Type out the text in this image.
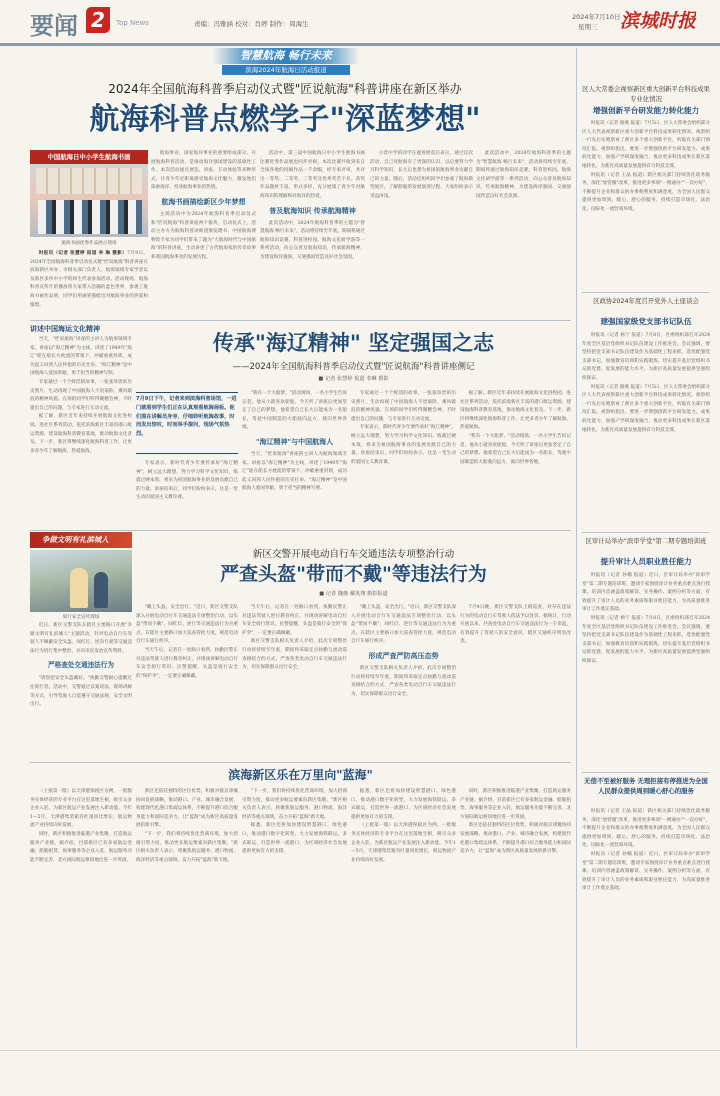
要闻 2	Top News	责编：冯雅涵 校对：肖婷 制作：周海生
2024年7月10日
星期三 滨城时报
智慧航海 畅行未来
滨海2024年航海日活动报道
2024年全国航海科普季启动仪式暨"匠说航海"科普讲座在新区举办
航海科普点燃学子"深蓝梦想"
中国航海日中小学生航海书画
航海书画优秀作品展示现场

时报讯（记者 张慧婷 报道 李 琳 摄影）7月9日，2024年全国航海科普季启动仪式暨"匠说航海"科普讲座在滨海新区举办，市相关部门负责人、航海领域专家学者以及新区多所中小学的师生代表参加活动。活动现场，航海科普宣传片的播放将大家带入浩瀚的蓝色世界，参观了航海书画作品展，同学们用画笔描绘出对航海事业的热爱和憧憬。

航海事业，国家海洋事业的重要组成部分。开展航海科普活动，是推动海洋强国建设的基础性工作。本次活动通过展览、讲座、互动体验等多种形式，让青少年近距离感受航海文化魅力，激发他们探索海洋、投身航海事业的热情。

航海书画描绘新区少年梦想

主场活动中为2024年航海科普季启动仪式和"匠说航海"科普讲座两个板块，启动仪式上，活动主办方为航海科普讲师团颁发聘书。中国航海博物馆专家为同学们带来了题为"大航海时代与中国航海"的科普讲座，生动讲述了古代航海家的传奇故事和我国航海事业的发展历程。

活动中，第三届中国航海日中小学生航海书画比赛优秀作品展也同步亮相。本次比赛共收到来自全国各地的投稿作品一千余幅，经专家评审，共评出一等奖、二等奖、三等奖及优秀奖若干名。获奖作品题材丰富、形式多样，充分展现了青少年对航海知识的理解和对海洋的热爱。

普及航海知识 传承航海精神

此次活动中，2024年航海科普季的主题为"智慧航海 畅行未来"，活动将持续至年底，期间将通过航海知识竞赛、科普进校园、航海文化研学游等一系列活动，向公众普及航海知识，传承航海精神，为建设海洋强国、交通强国营造良好社会氛围。

小营中学的同学在观看展览后表示，通过这次活动，自己对航海有了更深的认识，以后要努力学习科学知识，长大后也想为祖国的航海事业贡献自己的力量。随后，活动还组织同学们参观了航海模型展区，了解船舶的发展演变过程，大家纷纷表示受益匪浅。

此次活动中，2024年航海科普季的主题为"智慧航海 畅行未来"，活动将持续至年底，期间将通过航海知识竞赛、科普进校园、航海文化研学游等一系列活动，向公众普及航海知识，传承航海精神，为建设海洋强国、交通强国营造良好社会氛围。

讲述中国海运文化精神

当天，"匠说航海"讲座的主讲人为航海领域专家。讲座以"海辽精神"为主线，讲述了1949年"海辽"轮在船长方枕流的带领下，冲破重重封锁，成功起义回到人民怀抱的历史壮举。"海辽精神"是中国航海人爱国奉献、勇于担当的精神写照。

专家通过一个个鲜活的故事、一张张珍贵的历史照片，生动再现了中国航海人不畏艰险、乘风破浪的精神风貌。在场的同学们听得聚精会神，不时提出自己的问题，与专家进行互动交流。

据了解，新区近年来持续开展航海文化进校园、进社区系列活动，依托滨海新区丰富的港口航运资源，建设航海科普教育基地，推动航海文化普及。下一步，新区将继续深化航海科普工作，让更多青少年了解航海、热爱航海。

传承"海辽精神" 坚定强国之志
——2024年全国航海科普季启动仪式暨"匠说航海"科普讲座侧记
■ 记者 张慧婷 报道 李琳 摄影
7月9日下午，记者来到滨海科普场馆，一进门就看到学生们正在认真观看航海展板。他们围在讲解员身旁，仔细聆听航海故事，时而发出惊叹，时而举手提问，现场气氛热烈。

专家表示，新时代青少年要传承好"海辽精神"，树立远大理想，努力学习科学文化知识，练就过硬本领，将来为祖国航海事业的发展贡献自己的力量。讲座结束后，同学们纷纷表示，这是一堂生动的爱国主义教育课。

"我有一个大船梦。"活动现场，一名小学生告诉记者，他从小就喜欢轮船，今天听了讲座后更加坚定了自己的梦想。他希望自己长大后能成为一名船长，驾驶中国制造的大船驶向远方，驶向世界各地。

"海辽精神"与中国航海人

当天，"匠说航海"讲座的主讲人为航海领域专家。讲座以"海辽精神"为主线，讲述了1949年"海辽"轮在船长方枕流的带领下，冲破重重封锁，成功起义回到人民怀抱的历史壮举。"海辽精神"是中国航海人爱国奉献、勇于担当的精神写照。

专家通过一个个鲜活的故事、一张张珍贵的历史照片，生动再现了中国航海人不畏艰险、乘风破浪的精神风貌。在场的同学们听得聚精会神，不时提出自己的问题，与专家进行互动交流。

专家表示，新时代青少年要传承好"海辽精神"，树立远大理想，努力学习科学文化知识，练就过硬本领，将来为祖国航海事业的发展贡献自己的力量。讲座结束后，同学们纷纷表示，这是一堂生动的爱国主义教育课。

据了解，新区近年来持续开展航海文化进校园、进社区系列活动，依托滨海新区丰富的港口航运资源，建设航海科普教育基地，推动航海文化普及。下一步，新区将继续深化航海科普工作，让更多青少年了解航海、热爱航海。

"我有一个大船梦。"活动现场，一名小学生告诉记者，他从小就喜欢轮船，今天听了讲座后更加坚定了自己的梦想。他希望自己长大后能成为一名船长，驾驶中国制造的大船驶向远方，驶向世界各地。

争做文明有礼滨城人
骑行安全宣传现场

近日，新区交警支队在辖区主要路口开展"争做文明有礼滨城人"主题活动，针对电动自行车驾驶人不佩戴安全头盔、闯红灯、逆向行驶等交通违法行为进行集中整治，并向市民发放宣传资料。

严格查处交通违法行为

"请您把安全头盔戴好。"执勤交警耐心提醒过往骑行者。活动中，交警通过以案说法、现场讲解等方式，引导驾驶人自觉遵守交通法规，安全文明出行。

新区交警开展电动自行车交通违法专项整治行动
严查头盔"带而不戴"等违法行为
■ 记者 魏薇 戴英翔 摄影报道

"戴上头盔，安全出行。"近日，新区交警支队深入开展电动自行车交通违法专项整治行动，以头盔"带而不戴"、闯红灯、逆行等交通违法行为为重点，在辖区主要路口加大巡查管控力度，规范电动自行车通行秩序。

当天午后，记者在一处路口看到，执勤民警正对违法驾驶人进行教育纠正，并现场讲解电动自行车安全骑行常识。民警提醒，头盔是骑行安全的"保护伞"，一定要正确佩戴。

当天午后，记者在一处路口看到，执勤民警正对违法驾驶人进行教育纠正，并现场讲解电动自行车安全骑行常识。民警提醒，头盔是骑行安全的"保护伞"，一定要正确佩戴。

新区交警支队相关负责人介绍，此次专项整治行动将持续至年底，期间将采取定点执勤与流动巡查相结合的方式，严查各类电动自行车交通违法行为，切实保障群众出行安全。

"戴上头盔，安全出行。"近日，新区交警支队深入开展电动自行车交通违法专项整治行动，以头盔"带而不戴"、闯红灯、逆行等交通违法行为为重点，在辖区主要路口加大巡查管控力度，规范电动自行车通行秩序。

形成严查严防高压态势

新区交警支队相关负责人介绍，此次专项整治行动将持续至年底，期间将采取定点执勤与流动巡查相结合的方式，严查各类电动自行车交通违法行为，切实保障群众出行安全。

7月4日晚，新区交警支队上路巡查，对存在违法行为的电动自行车驾驶人依法予以处罚。据统计，行动开展以来，共查处电动自行车交通违法行为一千余起，有效提升了驾驶人的安全意识，辖区交通秩序明显改善。

滨海新区乐在万里向"蓝海"

（上接第一版）以天津港保税区为例，一批服务实体经济的专业平台在这里落地生根，吸引众多企业入驻，为新区航运产业发展注入新动能。今年1—5月，天津港集装箱吞吐量同比增长，航运物流产业持续向好发展。

同时，新区积极推进临港产业集聚，打造航运服务产业链。据介绍，目前新区已有多家航运金融、船舶租赁、海事服务等企业入驻，航运服务功能不断完善，北方国际航运枢纽地位进一步巩固。

新区还依托独特的区位优势，积极对接京津冀协同发展战略，推动港口、产业、城市融合发展，构建现代化港口集疏运体系，不断提升港口综合服务能力和国际竞争力，让"蓝海"成为新区高质量发展的新引擎。

"下一步，我们将持续优化营商环境，加大招商引资力度，推动更多航运要素向新区集聚。"新区相关负责人表示，将聚焦航运服务、港口物流、海洋经济等重点领域，奋力开拓"蓝海"新天地。

"下一步，我们将持续优化营商环境，加大招商引资力度，推动更多航运要素向新区集聚。"新区相关负责人表示，将聚焦航运服务、港口物流、海洋经济等重点领域，奋力开拓"蓝海"新天地。

据悉，新区还将加快建设智慧港口、绿色港口，推动港口数字化转型，大力发展海铁联运、多式联运，打造世界一流港口，为区域经济社会发展提供更加有力的支撑。

据悉，新区还将加快建设智慧港口、绿色港口，推动港口数字化转型，大力发展海铁联运、多式联运，打造世界一流港口，为区域经济社会发展提供更加有力的支撑。

（上接第一版）以天津港保税区为例，一批服务实体经济的专业平台在这里落地生根，吸引众多企业入驻，为新区航运产业发展注入新动能。今年1—5月，天津港集装箱吞吐量同比增长，航运物流产业持续向好发展。

同时，新区积极推进临港产业集聚，打造航运服务产业链。据介绍，目前新区已有多家航运金融、船舶租赁、海事服务等企业入驻，航运服务功能不断完善，北方国际航运枢纽地位进一步巩固。

新区还依托独特的区位优势，积极对接京津冀协同发展战略，推动港口、产业、城市融合发展，构建现代化港口集疏运体系，不断提升港口综合服务能力和国际竞争力，让"蓝海"成为新区高质量发展的新引擎。

区人大常委会视察新区重大创新平台科技成果专业化情况
增强创新平台研发能力转化能力

时报讯（记者 路燕 报道）7月5日，区人大常委会组织部分区人大代表视察新区重大创新平台科技成果转化情况。视察组一行先后实地察看了新区多个重大创新平台，听取有关部门情况汇报。视察组指出，要进一步增强创新平台研发能力、成果转化能力，加强产学研深度融合，推动更多科技成果在新区落地转化，为新区高质量发展提供有力科技支撑。

时报讯（记者 王晶 报道）新区相关部门持续优化政务服务，深化"放管服"改革，推进更多事项"一网通办""一次办好"，不断提升企业和群众的办事便利度和满意度，为全国人民群众提供更加周到、暖心、舒心的服务，持续打造市场化、法治化、国际化一流营商环境。

区政协2024年度召开党外人士座谈会
建强国家级党支部书记队伍

时报讯（记者 杨宁 报道）7月8日，区委组织部召开2024年度全区基层党组织书记队伍建设工作推进会。会议强调，要坚持把党支部书记队伍建设作为基础性工程来抓，选优配强党支部书记，加强教育培训和实践锻炼，切实提升基层党组织书记抓党建、促发展的能力水平，为新区高质量发展提供坚强组织保证。

时报讯（记者 路燕 报道）7月5日，区人大常委会组织部分区人大代表视察新区重大创新平台科技成果转化情况。视察组一行先后实地察看了新区多个重大创新平台，听取有关部门情况汇报。视察组指出，要进一步增强创新平台研发能力、成果转化能力，加强产学研深度融合，推动更多科技成果在新区落地转化，为新区高质量发展提供有力科技支撑。

区审计局举办"滨审学堂"第二期专题培训班
提升审计人员职业胜任能力

时报讯（记者 孙楠 报道）近日，区审计局举办"滨审学堂"第二期专题培训班，邀请专家围绕审计业务重点难点进行授课。培训内容涵盖政策解读、实务操作、案例分析等方面，有效提升了审计人员的业务素质和职业胜任能力，为高质量推进审计工作奠定基础。

时报讯（记者 杨宁 报道）7月8日，区委组织部召开2024年度全区基层党组织书记队伍建设工作推进会。会议强调，要坚持把党支部书记队伍建设作为基础性工程来抓，选优配强党支部书记，加强教育培训和实践锻炼，切实提升基层党组织书记抓党建、促发展的能力水平，为新区高质量发展提供坚强组织保证。

无偿不至被好服务 无理拒接有停推进为全国人民群众提供周到暖心舒心的服务

时报讯（记者 王晶 报道）新区相关部门持续优化政务服务，深化"放管服"改革，推进更多事项"一网通办""一次办好"，不断提升企业和群众的办事便利度和满意度，为全国人民群众提供更加周到、暖心、舒心的服务，持续打造市场化、法治化、国际化一流营商环境。

时报讯（记者 孙楠 报道）近日，区审计局举办"滨审学堂"第二期专题培训班，邀请专家围绕审计业务重点难点进行授课。培训内容涵盖政策解读、实务操作、案例分析等方面，有效提升了审计人员的业务素质和职业胜任能力，为高质量推进审计工作奠定基础。
